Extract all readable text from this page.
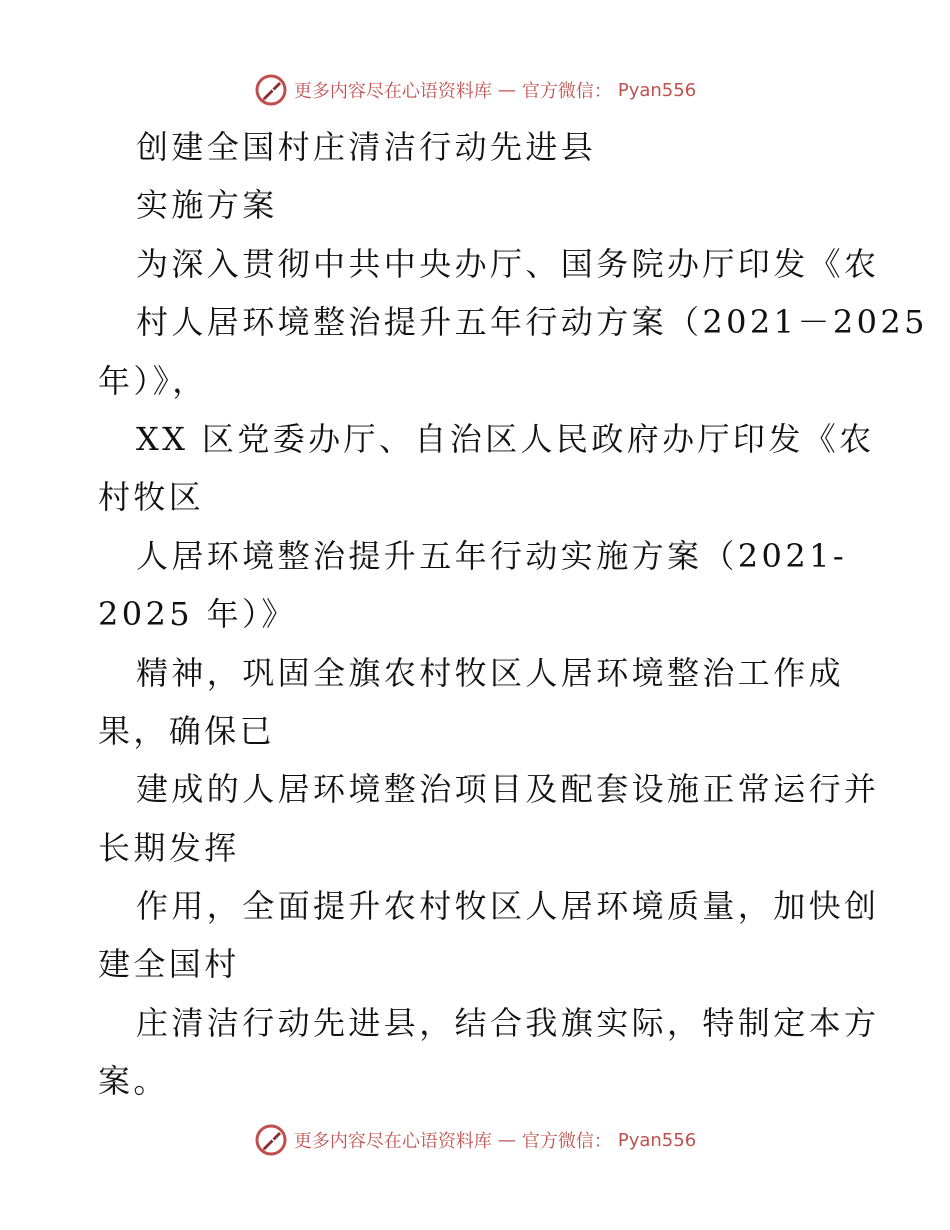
更多内容尽在心语资料库 — 官方微信： Pyan556
创建全国村庄清洁行动先进县
实施方案
为深入贯彻中共中央办厅、国务院办厅印发《农
村人居环境整治提升五年行动方案（2021－2025
年）》，
XX 区党委办厅、自治区人民政府办厅印发《农
村牧区
人居环境整治提升五年行动实施方案（2021-
2025 年）》
精神，巩固全旗农村牧区人居环境整治工作成
果，确保已
建成的人居环境整治项目及配套设施正常运行并
长期发挥
作用，全面提升农村牧区人居环境质量，加快创
建全国村
庄清洁行动先进县，结合我旗实际，特制定本方
案。
更多内容尽在心语资料库 — 官方微信： Pyan556
